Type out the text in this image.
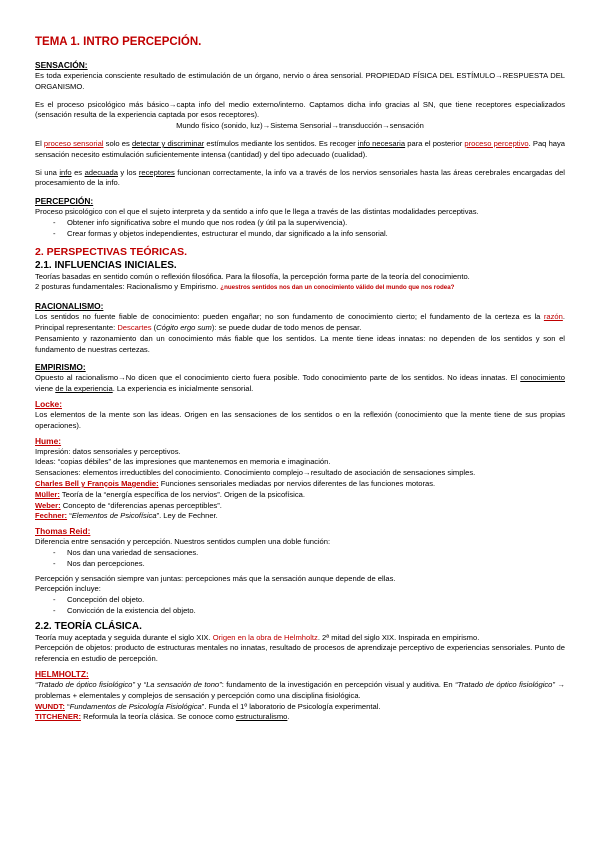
TEMA 1. INTRO PERCEPCIÓN.
SENSACIÓN:

Es toda experiencia consciente resultado de estimulación de un órgano, nervio o área sensorial. PROPIEDAD FÍSICA DEL ESTÍMULO→RESPUESTA DEL ORGANISMO.

Es el proceso psicológico más básico→capta info del medio externo/interno. Captamos dicha info gracias al SN, que tiene receptores especializados (sensación resulta de la experiencia captada por esos receptores).

Mundo físico (sonido, luz)→Sistema Sensorial→transducción→sensación

El proceso sensorial solo es detectar y discriminar estímulos mediante los sentidos. Es recoger info necesaria para el posterior proceso perceptivo. Paq haya sensación necesito estimulación suficientemente intensa (cantidad) y del tipo adecuado (cualidad).

Si una info es adecuada y los receptores funcionan correctamente, la info va a través de los nervios sensoriales hasta las áreas cerebrales encargadas del procesamiento de la info.

PERCEPCIÓN:

Proceso psicológico con el que el sujeto interpreta y da sentido a info que le llega a través de las distintas modalidades perceptivas.

- Obtener info significativa sobre el mundo que nos rodea (y útil pa la supervivencia).
- Crear formas y objetos independientes, estructurar el mundo, dar significado a la info sensorial.
2. PERSPECTIVAS TEÓRICAS.
2.1. INFLUENCIAS INICIALES.

Teorías basadas en sentido común o reflexión filosófica. Para la filosofía, la percepción forma parte de la teoría del conocimiento.

2 posturas fundamentales: Racionalismo y Empirismo. ¿nuestros sentidos nos dan un conocimiento válido del mundo que nos rodea?

RACIONALISMO:

Los sentidos no fuente fiable de conocimiento: pueden engañar; no son fundamento de conocimiento cierto; el fundamento de la certeza es la razón. Principal representante: Descartes (Cógito ergo sum): se puede dudar de todo menos de pensar.

Pensamiento y razonamiento dan un conocimiento más fiable que los sentidos. La mente tiene ideas innatas: no dependen de los sentidos y son el fundamento de nuestras certezas.

EMPIRISMO:

Opuesto al racionalismo→No dicen que el conocimiento cierto fuera posible. Todo conocimiento parte de los sentidos. No ideas innatas. El conocimiento viene de la experiencia. La experiencia es inicialmente sensorial.

Locke:

Los elementos de la mente son las ideas. Origen en las sensaciones de los sentidos o en la reflexión (conocimiento que la mente tiene de sus propias operaciones).

Hume:

Impresión: datos sensoriales y perceptivos.

Ideas: “copias débiles” de las impresiones que mantenemos en memoria e imaginación.

Sensaciones: elementos irreductibles del conocimiento. Conocimiento complejo→resultado de asociación de sensaciones simples.

Charles Bell y François Magendie: Funciones sensoriales mediadas por nervios diferentes de las funciones motoras.

Müller: Teoría de la “energía específica de los nervios”. Origen de la psicofísica.

Weber: Concepto de “diferencias apenas perceptibles”.

Fechner: “Elementos de Psicofísica”. Ley de Fechner.

Thomas Reid:

Diferencia entre sensación y percepción. Nuestros sentidos cumplen una doble función:

- Nos dan una variedad de sensaciones.
- Nos dan percepciones.

Percepción y sensación siempre van juntas: percepciones más que la sensación aunque depende de ellas.

Percepción incluye:

- Concepción del objeto.
- Convicción de la existencia del objeto.
2.2. TEORÍA CLÁSICA.

Teoría muy aceptada y seguida durante el siglo XIX. Origen en la obra de Helmholtz. 2ª mitad del siglo XIX. Inspirada en empirismo.

Percepción de objetos: producto de estructuras mentales no innatas, resultado de procesos de aprendizaje perceptivo de experiencias sensoriales. Punto de referencia en estudio de percepción.

HELMHOLTZ:

“Tratado de óptico fisiológico” y “La sensación de tono”: fundamento de la investigación en percepción visual y auditiva. En “Tratado de óptico fisiológico” → problemas + elementales y complejos de sensación y percepción como una disciplina fisiológica.

WUNDT: “Fundamentos de Psicología Fisiológica”. Funda el 1º laboratorio de Psicología experimental.

TITCHENER: Reformula la teoría clásica. Se conoce como estructuralismo.
